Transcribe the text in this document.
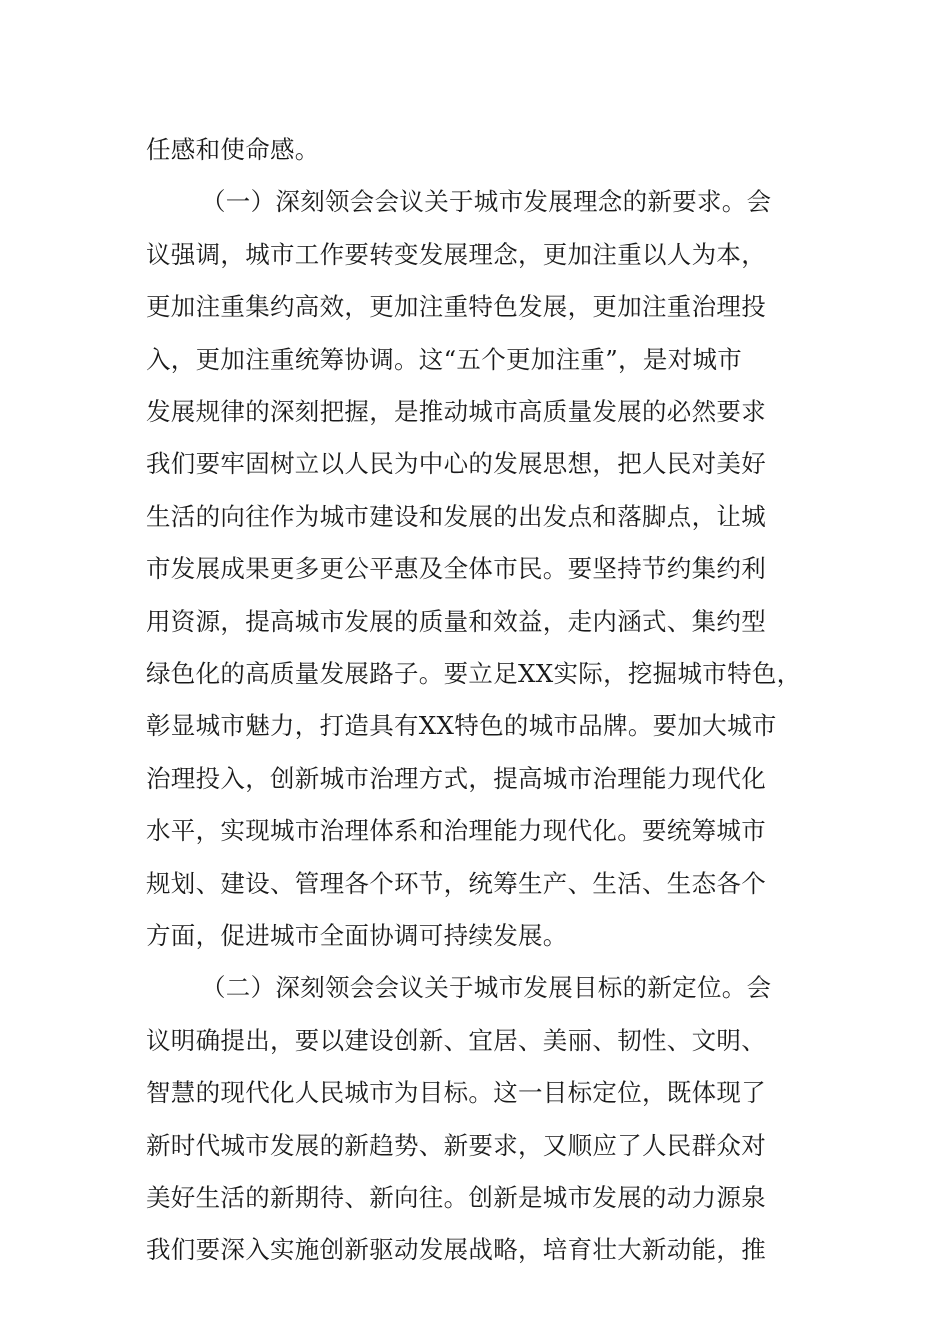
任感和使命感。
（一）深刻领会会议关于城市发展理念的新要求。会
议强调，城市工作要转变发展理念，更加注重以人为本，
更加注重集约高效，更加注重特色发展，更加注重治理投
入，更加注重统筹协调。这“五个更加注重”，是对城市
发展规律的深刻把握，是推动城市高质量发展的必然要求
我们要牢固树立以人民为中心的发展思想，把人民对美好
生活的向往作为城市建设和发展的出发点和落脚点，让城
市发展成果更多更公平惠及全体市民。要坚持节约集约利
用资源，提高城市发展的质量和效益，走内涵式、集约型
绿色化的高质量发展路子。要立足XX实际，挖掘城市特色，
彰显城市魅力，打造具有XX特色的城市品牌。要加大城市
治理投入，创新城市治理方式，提高城市治理能力现代化
水平，实现城市治理体系和治理能力现代化。要统筹城市
规划、建设、管理各个环节，统筹生产、生活、生态各个
方面，促进城市全面协调可持续发展。
（二）深刻领会会议关于城市发展目标的新定位。会
议明确提出，要以建设创新、宜居、美丽、韧性、文明、
智慧的现代化人民城市为目标。这一目标定位，既体现了
新时代城市发展的新趋势、新要求，又顺应了人民群众对
美好生活的新期待、新向往。创新是城市发展的动力源泉
我们要深入实施创新驱动发展战略，培育壮大新动能，推
